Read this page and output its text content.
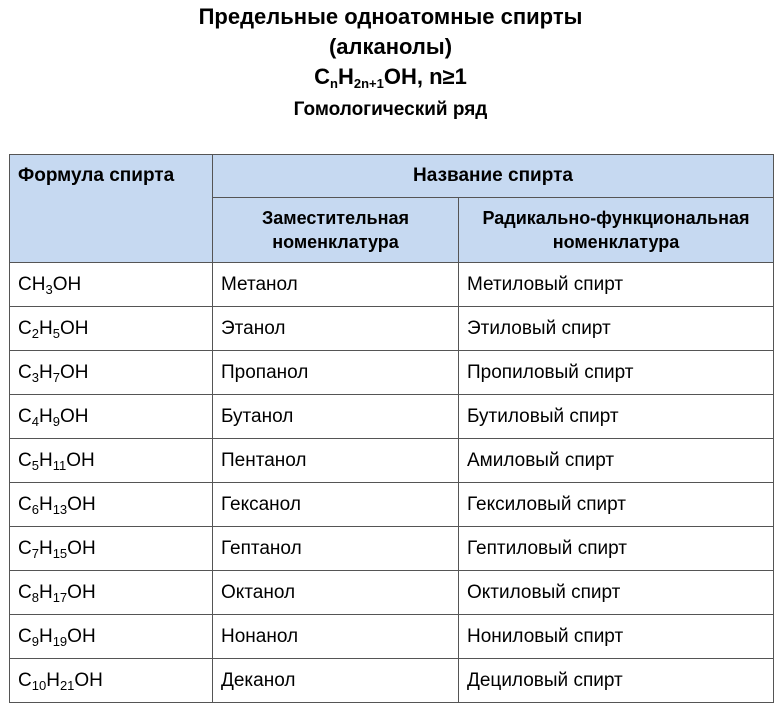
Предельные одноатомные спирты
(алканолы)
$C_nH_{2n+1}OH$, n≥1
Гомологический ряд
Формула спирта	Название спирта	
	Заместительная номенклатура	Радикально-функциональная номенклатура
$CH_3OH$	Метанол	Метиловый спирт
$C_2H_5OH$	Этанол	Этиловый спирт
$C_3H_7OH$	Пропанол	Пропиловый спирт
$C_4H_9OH$	Бутанол	Бутиловый спирт
$C_5H_{11}OH$	Пентанол	Амиловый спирт
$C_6H_{13}OH$	Гексанол	Гексиловый спирт
$C_7H_{15}OH$	Гептанол	Гептиловый спирт
$C_8H_{17}OH$	Октанол	Октиловый спирт
$C_9H_{19}OH$	Нонанол	Нониловый спирт
$C_{10}H_{21}OH$	Деканол	Дециловый спирт
